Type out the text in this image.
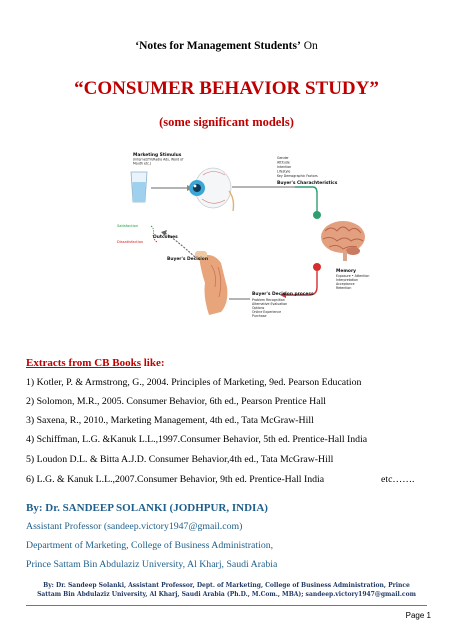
‘Notes for Management Students’ On
“CONSUMER BEHAVIOR STUDY”
(some significant models)
Marketing Stimulus
(Internet/TV/Radio Ads, Word of
Mouth etc.)
Gender
Attitude
Intention
Lifestyle
Key Demographic Factors
Buyer's Charachteristics
Memory
Exposure • Attention
Interpretation
Acceptance
Retention
Buyer's Decision process
Problem Recognition
Alternative Evaluation
Options
Online Experience
Purchase
Buyer's Decision
Outcomes
Satisfaction
Dissatisfaction
Extracts from CB Books like:
1) Kotler, P. & Armstrong, G., 2004. Principles of Marketing, 9ed. Pearson Education
2) Solomon, M.R., 2005. Consumer Behavior, 6th ed., Pearson Prentice Hall
3) Saxena, R., 2010., Marketing Management, 4th ed., Tata McGraw-Hill
4) Schiffman, L.G. &Kanuk L.L.,1997.Consumer Behavior, 5th ed. Prentice-Hall India
5) Loudon D.L. & Bitta A.J.D. Consumer Behavior,4th ed., Tata McGraw-Hill
6) L.G. & Kanuk L.L.,2007.Consumer Behavior, 9th ed. Prentice-Hall India	etc…….
By: Dr. SANDEEP SOLANKI (JODHPUR, INDIA)
Assistant Professor (sandeep.victory1947@gmail.com)
Department of Marketing, College of Business Administration,
Prince Sattam Bin Abdulaziz University, Al Kharj, Saudi Arabia
By: Dr. Sandeep Solanki, Assistant Professor, Dept. of Marketing, College of Business Administration, Prince
Sattam Bin Abdulaziz University, Al Kharj, Saudi Arabia (Ph.D., M.Com., MBA); sandeep.victory1947@gmail.com
Page 1
